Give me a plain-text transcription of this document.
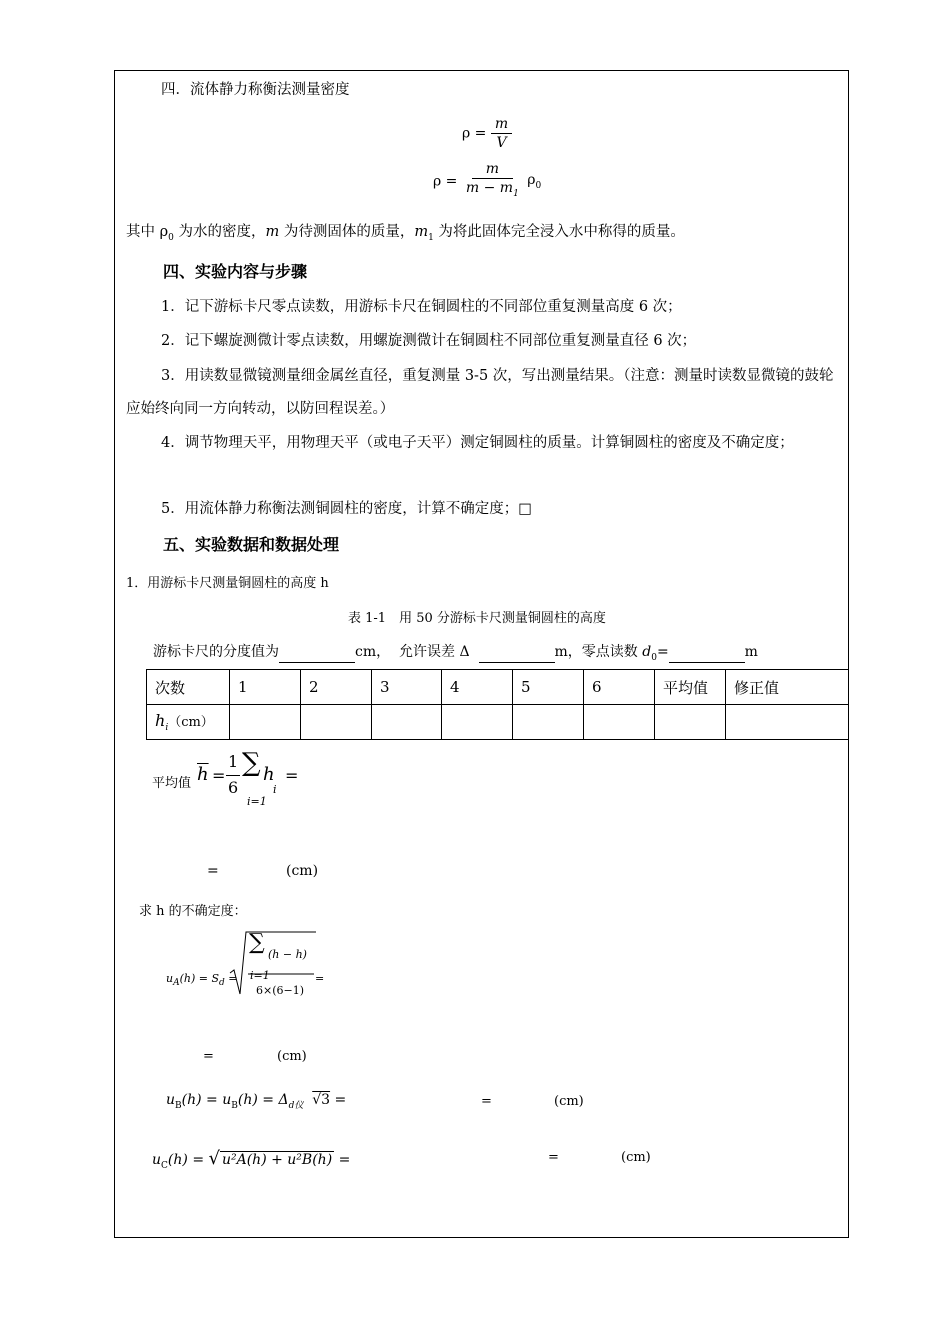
四．流体静力称衡法测量密度
$\rho = \frac{m}{V}$
$\rho = \frac{m}{m - m_1} \rho_0$
其中 $\rho_0$ 为水的密度，m 为待测固体的质量，$m_1$ 为将此固体完全浸入水中称得的质量。
四、实验内容与步骤
1．记下游标卡尺零点读数，用游标卡尺在铜圆柱的不同部位重复测量高度 6 次；
2．记下螺旋测微计零点读数，用螺旋测微计在铜圆柱不同部位重复测量直径 6 次；
3．用读数显微镜测量细金属丝直径，重复测量 3-5 次，写出测量结果。（注意：测量时读数显微镜的鼓轮应始终向同一方向转动，以防回程误差。）
4．调节物理天平，用物理天平（或电子天平）测定铜圆柱的质量。计算铜圆柱的密度及不确定度；
5．用流体静力称衡法测铜圆柱的密度，计算不确定度；□
五、实验数据和数据处理
1．用游标卡尺测量铜圆柱的高度 h
表 1-1　用 50 分游标卡尺测量铜圆柱的高度
游标卡尺的分度值为	cm， 允许误差 Δ	m，零点读数 $d_0=$	m
次数	1	2	3	4	5	6	平均值	修正值
$h_i(cm)$								
平均值 $\overline{h}$ =
1
6
∑
i=1
h
i
=
=	(cm)
求 h 的不确定度：
$u_A(h) = S_d$ =
∑ (h − h)
i=1
6×(6−1)
=
=	(cm)
$u_B(h) = u_B(h) = \Delta_{d仪}$ √3 =	=	(cm)
$u_C(h)$ = √ u²A(h) + u²B(h) =	=	(cm)
